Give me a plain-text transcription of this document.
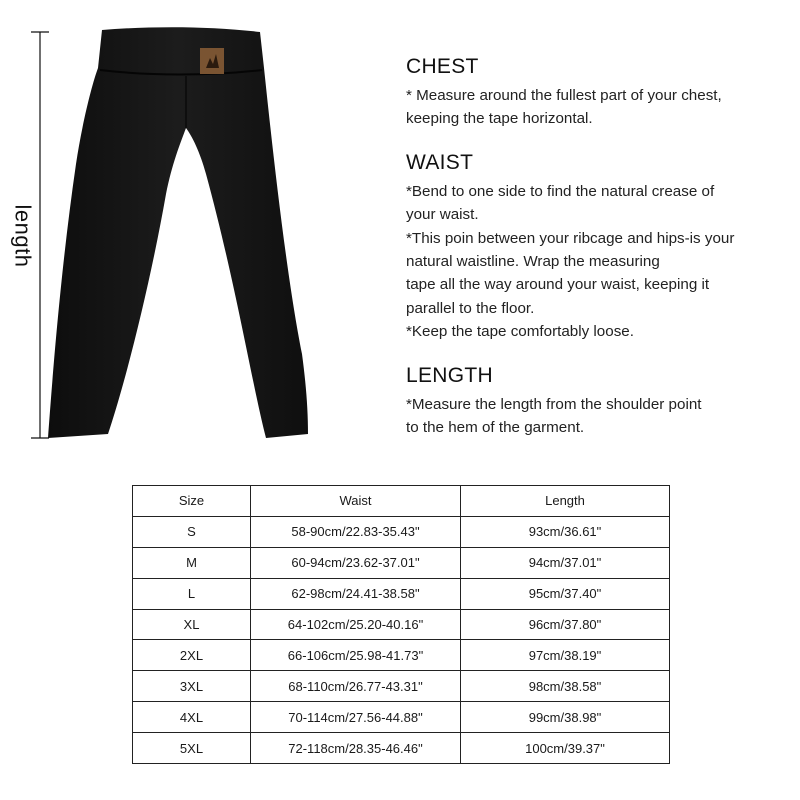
length
CHEST

* Measure around the fullest part of your chest,

keeping the tape horizontal.

WAIST

*Bend to one side to find the natural crease of

your waist.

*This poin between your ribcage and hips-is your

natural waistline. Wrap the measuring

tape all the way around your waist, keeping it

parallel to the floor.

*Keep the tape comfortably loose.

LENGTH

*Measure the length from the shoulder point

to the hem of the garment.

Size	Waist	Length
S	58-90cm/22.83-35.43"	93cm/36.61"
M	60-94cm/23.62-37.01"	94cm/37.01"
L	62-98cm/24.41-38.58"	95cm/37.40"
XL	64-102cm/25.20-40.16"	96cm/37.80"
2XL	66-106cm/25.98-41.73"	97cm/38.19"
3XL	68-110cm/26.77-43.31"	98cm/38.58"
4XL	70-114cm/27.56-44.88"	99cm/38.98"
5XL	72-118cm/28.35-46.46"	100cm/39.37"
